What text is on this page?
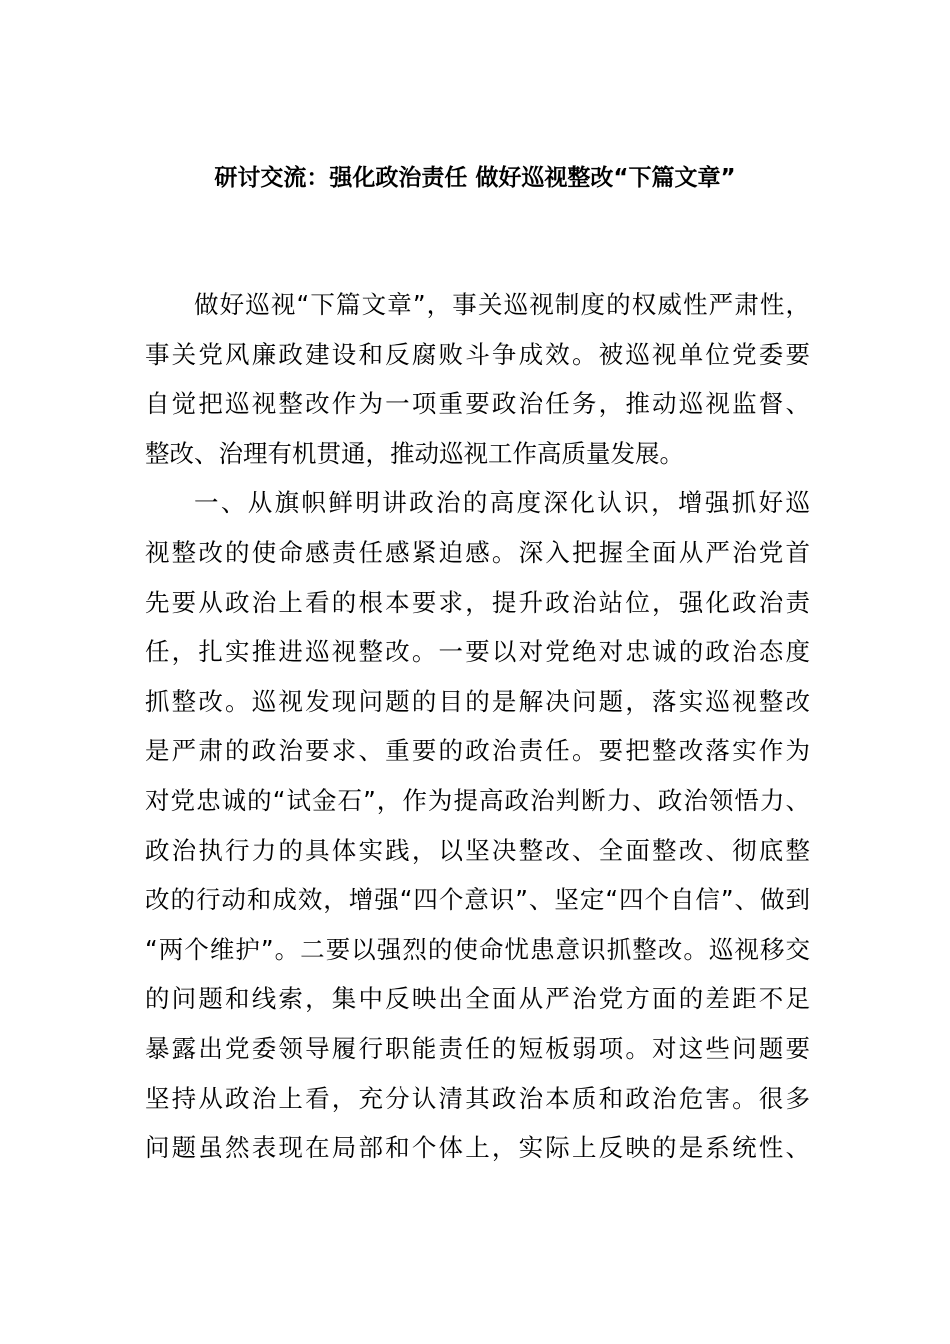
研讨交流：强化政治责任 做好巡视整改“下篇文章”
做好巡视“下篇文章”，事关巡视制度的权威性严肃性，
事关党风廉政建设和反腐败斗争成效。被巡视单位党委要
自觉把巡视整改作为一项重要政治任务，推动巡视监督、
整改、治理有机贯通，推动巡视工作高质量发展。
一、从旗帜鲜明讲政治的高度深化认识，增强抓好巡
视整改的使命感责任感紧迫感。深入把握全面从严治党首
先要从政治上看的根本要求，提升政治站位，强化政治责
任，扎实推进巡视整改。一要以对党绝对忠诚的政治态度
抓整改。巡视发现问题的目的是解决问题，落实巡视整改
是严肃的政治要求、重要的政治责任。要把整改落实作为
对党忠诚的“试金石”，作为提高政治判断力、政治领悟力、
政治执行力的具体实践，以坚决整改、全面整改、彻底整
改的行动和成效，增强“四个意识”、坚定“四个自信”、做到
“两个维护”。二要以强烈的使命忧患意识抓整改。巡视移交
的问题和线索，集中反映出全面从严治党方面的差距不足
暴露出党委领导履行职能责任的短板弱项。对这些问题要
坚持从政治上看，充分认清其政治本质和政治危害。很多
问题虽然表现在局部和个体上，实际上反映的是系统性、
